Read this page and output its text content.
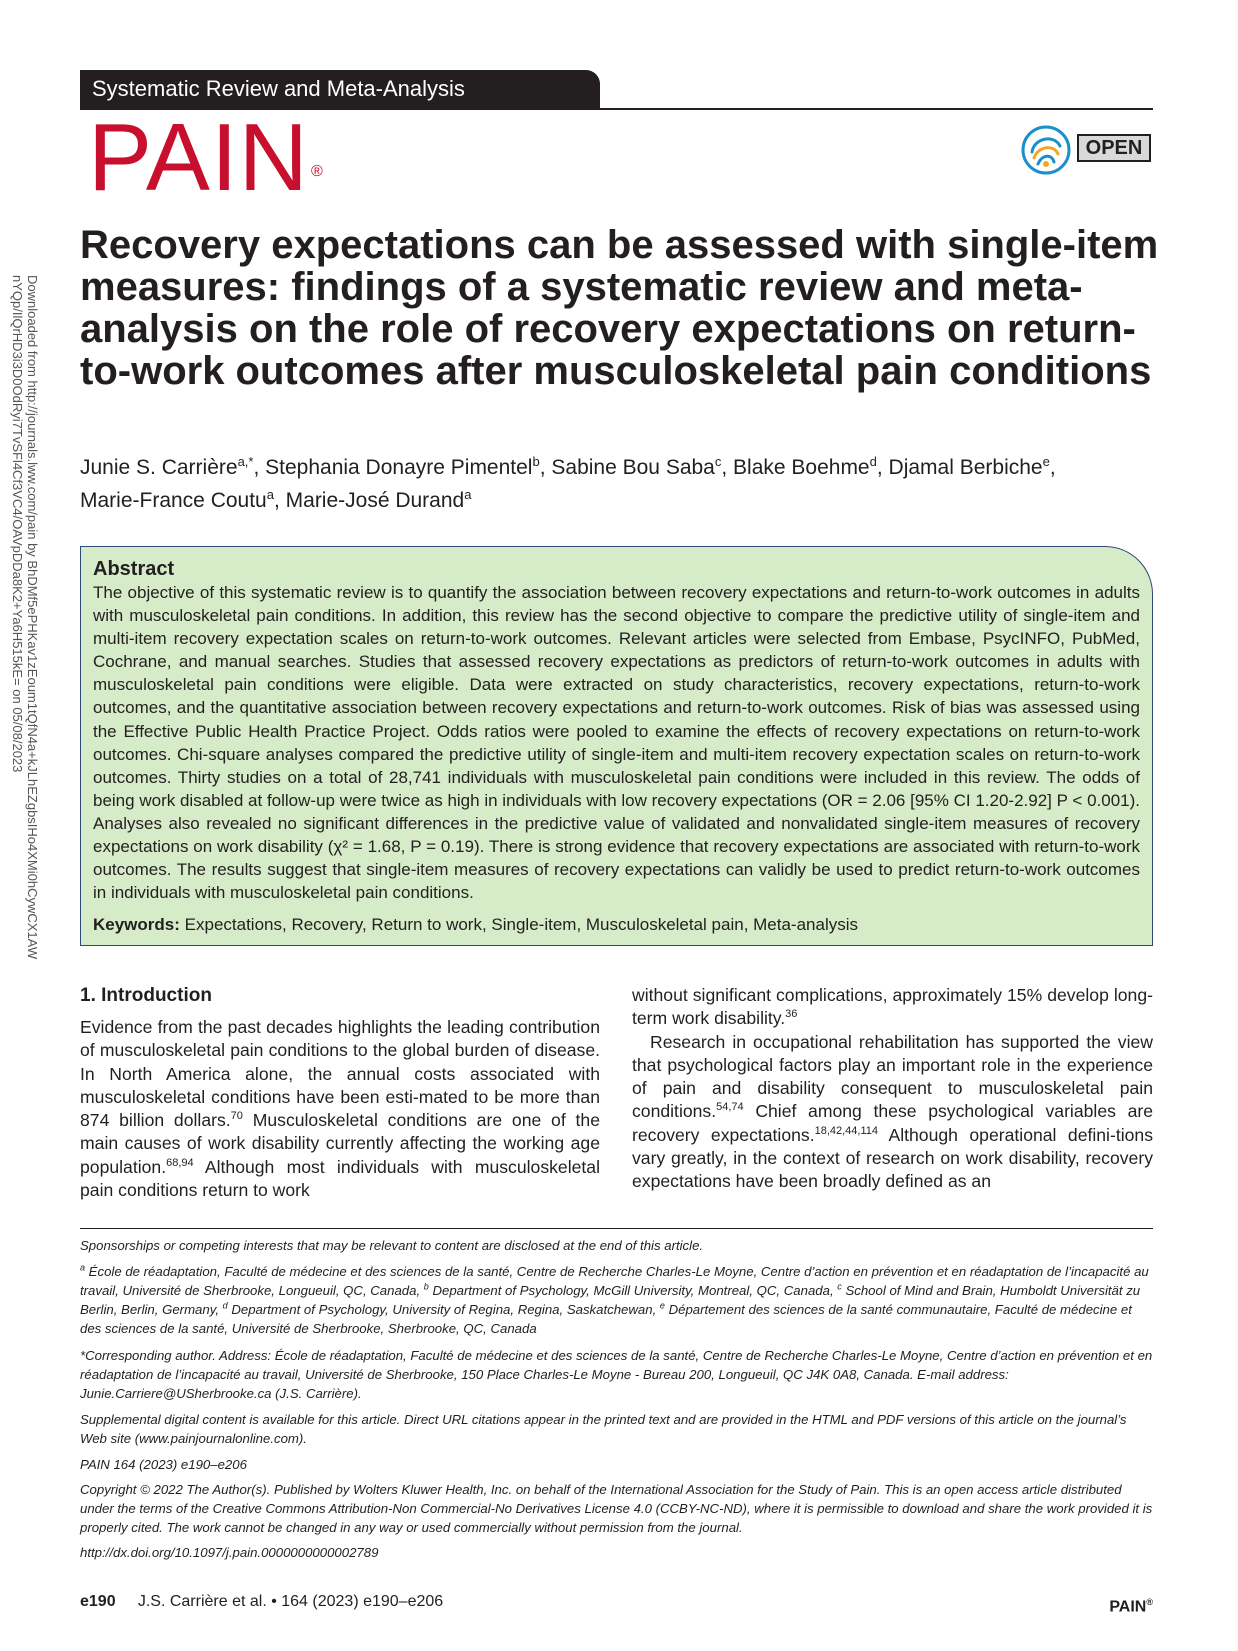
Systematic Review and Meta-Analysis
PAIN ®
OPEN
Downloaded from http://journals.lww.com/pain by BhDMf5ePHKav1zEoum1tQfN4a+kJLhEZgbsIHo4XMi0hCywCX1AW
nYQp/IlQrHD3i3D0OdRyi7TvSFl4Cf3VC4/OAVpDDa8K2+Ya6H515kE= on 05/08/2023
Recovery expectations can be assessed with single-item measures: findings of a systematic review and meta-analysis on the role of recovery expectations on return-to-work outcomes after musculoskeletal pain conditions
Junie S. Carrière$^{a,*}$, Stephania Donayre Pimentel$^b$, Sabine Bou Saba$^c$, Blake Boehme$^d$, Djamal Berbiche$^e$,
Marie-France Coutu$^a$, Marie-José Durand$^a$
Abstract
The objective of this systematic review is to quantify the association between recovery expectations and return-to-work outcomes in adults with musculoskeletal pain conditions. In addition, this review has the second objective to compare the predictive utility of single-item and multi-item recovery expectation scales on return-to-work outcomes. Relevant articles were selected from Embase, PsycINFO, PubMed, Cochrane, and manual searches. Studies that assessed recovery expectations as predictors of return-to-work outcomes in adults with musculoskeletal pain conditions were eligible. Data were extracted on study characteristics, recovery expectations, return-to-work outcomes, and the quantitative association between recovery expectations and return-to-work outcomes. Risk of bias was assessed using the Effective Public Health Practice Project. Odds ratios were pooled to examine the effects of recovery expectations on return-to-work outcomes. Chi-square analyses compared the predictive utility of single-item and multi-item recovery expectation scales on return-to-work outcomes. Thirty studies on a total of 28,741 individuals with musculoskeletal pain conditions were included in this review. The odds of being work disabled at follow-up were twice as high in individuals with low recovery expectations (OR = 2.06 [95% CI 1.20-2.92] P < 0.001). Analyses also revealed no significant differences in the predictive value of validated and nonvalidated single-item measures of recovery expectations on work disability (χ² = 1.68, P = 0.19). There is strong evidence that recovery expectations are associated with return-to-work outcomes. The results suggest that single-item measures of recovery expectations can validly be used to predict return-to-work outcomes in individuals with musculoskeletal pain conditions.
Keywords: Expectations, Recovery, Return to work, Single-item, Musculoskeletal pain, Meta-analysis
1. Introduction

Evidence from the past decades highlights the leading contribution of musculoskeletal pain conditions to the global burden of disease. In North America alone, the annual costs associated with musculoskeletal conditions have been esti-mated to be more than 874 billion dollars.$^{70}$ Musculoskeletal conditions are one of the main causes of work disability currently affecting the working age population.$^{68,94}$ Although most individuals with musculoskeletal pain conditions return to work

without significant complications, approximately 15% develop long-term work disability.$^{36}$

Research in occupational rehabilitation has supported the view that psychological factors play an important role in the experience of pain and disability consequent to musculoskeletal pain conditions.$^{54,74}$ Chief among these psychological variables are recovery expectations.$^{18,42,44,114}$ Although operational defini-tions vary greatly, in the context of research on work disability, recovery expectations have been broadly defined as an

Sponsorships or competing interests that may be relevant to content are disclosed at the end of this article.
$^a$ École de réadaptation, Faculté de médecine et des sciences de la santé, Centre de Recherche Charles-Le Moyne, Centre d’action en prévention et en réadaptation de l’incapacité au travail, Université de Sherbrooke, Longueuil, QC, Canada, $^b$ Department of Psychology, McGill University, Montreal, QC, Canada, $^c$ School of Mind and Brain, Humboldt Universität zu Berlin, Berlin, Germany, $^d$ Department of Psychology, University of Regina, Regina, Saskatchewan, $^e$ Département des sciences de la santé communautaire, Faculté de médecine et des sciences de la santé, Université de Sherbrooke, Sherbrooke, QC, Canada
*Corresponding author. Address: École de réadaptation, Faculté de médecine et des sciences de la santé, Centre de Recherche Charles-Le Moyne, Centre d’action en prévention et en réadaptation de l’incapacité au travail, Université de Sherbrooke, 150 Place Charles-Le Moyne - Bureau 200, Longueuil, QC J4K 0A8, Canada. E-mail address: Junie.Carriere@USherbrooke.ca (J.S. Carrière).
Supplemental digital content is available for this article. Direct URL citations appear in the printed text and are provided in the HTML and PDF versions of this article on the journal’s Web site (www.painjournalonline.com).
PAIN 164 (2023) e190–e206
Copyright © 2022 The Author(s). Published by Wolters Kluwer Health, Inc. on behalf of the International Association for the Study of Pain. This is an open access article distributed under the terms of the Creative Commons Attribution-Non Commercial-No Derivatives License 4.0 (CCBY-NC-ND), where it is permissible to download and share the work provided it is properly cited. The work cannot be changed in any way or used commercially without permission from the journal.
http://dx.doi.org/10.1097/j.pain.0000000000002789
e190 J.S. Carrière et al. • 164 (2023) e190–e206	PAIN®
